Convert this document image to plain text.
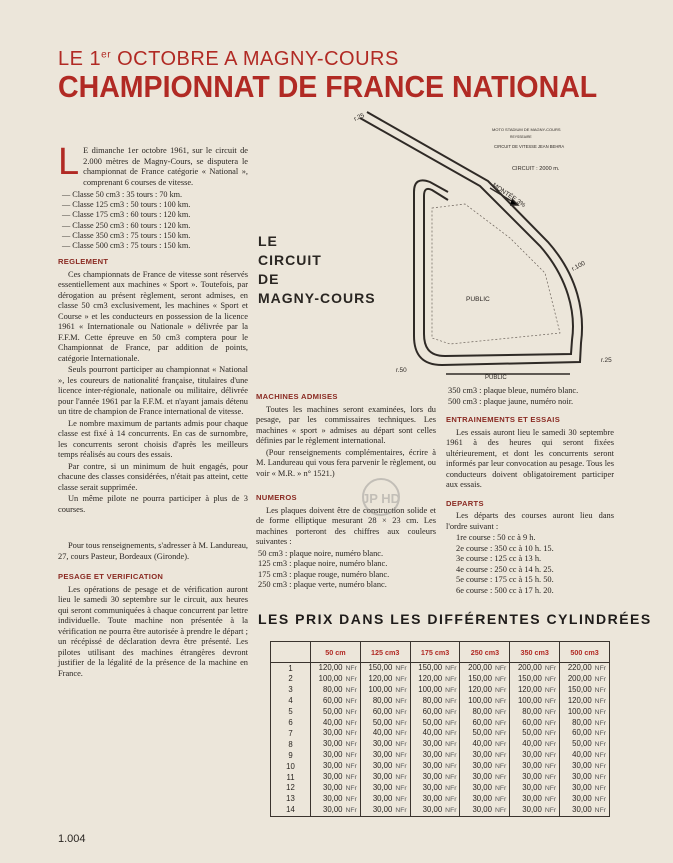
LE 1er OCTOBRE A MAGNY-COURS
CHAMPIONNAT DE FRANCE NATIONAL

L E dimanche 1er octobre 1961, sur le circuit de 2.000 mètres de Magny-Cours, se disputera le championnat de France catégorie « National », comprenant 6 courses de vitesse.

— Classe 50 cm3 : 35 tours : 70 km.
— Classe 125 cm3 : 50 tours : 100 km.
— Classe 175 cm3 : 60 tours : 120 km.
— Classe 250 cm3 : 60 tours : 120 km.
— Classe 350 cm3 : 75 tours : 150 km.
— Classe 500 cm3 : 75 tours : 150 km.
REGLEMENT

Ces championnats de France de vitesse sont réservés essentiellement aux machines « Sport ». Toutefois, par dérogation au présent règlement, seront admises, en classe 50 cm3 exclusivement, les machines « Sport et Course » et les conducteurs en possession de la licence 1961 « Internationale ou Nationale » délivrée par la F.F.M. Cette épreuve en 50 cm3 comptera pour le Championnat de France, par addition de points, catégorie Internationale.

Seuls pourront participer au championnat « National », les coureurs de nationalité française, titulaires d'une licence inter-régionale, nationale ou militaire, délivrée pour l'année 1961 par la F.F.M. et n'ayant jamais détenu un titre de champion de France international de vitesse.

Le nombre maximum de partants admis pour chaque classe est fixé à 14 concurrents. En cas de surnombre, les concurrents seront choisis d'après les meilleurs temps réalisés au cours des essais.

Par contre, si un minimum de huit engagés, pour chacune des classes considérées, n'était pas atteint, cette classe serait supprimée.

Un même pilote ne pourra participer à plus de 3 courses.

Pour tous renseignements, s'adresser à M. Landureau, 27, cours Pasteur, Bordeaux (Gironde).

PESAGE ET VERIFICATION

Les opérations de pesage et de vérification auront lieu le samedi 30 septembre sur le circuit, aux heures qui seront communiquées à chaque concurrent par lettre individuelle. Toute machine non présentée à la vérification ne pourra être autorisée à prendre le départ ; un récépissé de déclaration devra être présenté. Les pilotes utilisant des machines étrangères devront justifier de la légalité de la présence de la machine en France.

LE
CIRCUIT
DE
MAGNY-COURS
MOTO STADIUM DE MAGNY-COURS
REYSSEAIRE
CIRCUIT DE VITESSE JEAN BEHRA
CIRCUIT : 2000 m.
MONTÉE 3%
PUBLIC
PUBLIC
r.25
r.100
r.25
r.50
MACHINES ADMISES

Toutes les machines seront examinées, lors du pesage, par les commissaires techniques. Les machines « sport » admises au départ sont celles définies par le règlement international.

(Pour renseignements complémentaires, écrire à M. Landureau qui vous fera parvenir le règlement, ou voir « M.R. » n° 1521.)

NUMEROS

Les plaques doivent être de construction solide et de forme elliptique mesurant 28 × 23 cm. Les machines porteront des chiffres aux couleurs suivantes :

50 cm3 : plaque noire, numéro blanc.
125 cm3 : plaque noire, numéro blanc.
175 cm3 : plaque rouge, numéro blanc.
250 cm3 : plaque verte, numéro blanc.
350 cm3 : plaque bleue, numéro blanc.
500 cm3 : plaque jaune, numéro noir.
ENTRAINEMENTS ET ESSAIS

Les essais auront lieu le samedi 30 septembre 1961 à des heures qui seront fixées ultérieurement, et dont les concurrents seront informés par leur convocation au pesage. Tous les conducteurs doivent obligatoirement participer aux essais.

DEPARTS

Les départs des courses auront lieu dans l'ordre suivant :

1re course : 50 cc à 9 h.
2e course : 350 cc à 10 h. 15.
3e course : 125 cc à 13 h.
4e course : 250 cc à 14 h. 25.
5e course : 175 cc à 15 h. 50.
6e course : 500 cc à 17 h. 20.
JP HD
LES PRIX DANS LES DIFFÉRENTES CYLINDRÉES
	50 cm	125 cm3	175 cm3	250 cm3	350 cm3	500 cm3
1	120,00 NFr	150,00 NFr	150,00 NFr	200,00 NFr	200,00 NFr	220,00 NFr
2	100,00 NFr	120,00 NFr	120,00 NFr	150,00 NFr	150,00 NFr	200,00 NFr
3	80,00 NFr	100,00 NFr	100,00 NFr	120,00 NFr	120,00 NFr	150,00 NFr
4	60,00 NFr	80,00 NFr	80,00 NFr	100,00 NFr	100,00 NFr	120,00 NFr
5	50,00 NFr	60,00 NFr	60,00 NFr	80,00 NFr	80,00 NFr	100,00 NFr
6	40,00 NFr	50,00 NFr	50,00 NFr	60,00 NFr	60,00 NFr	80,00 NFr
7	30,00 NFr	40,00 NFr	40,00 NFr	50,00 NFr	50,00 NFr	60,00 NFr
8	30,00 NFr	30,00 NFr	30,00 NFr	40,00 NFr	40,00 NFr	50,00 NFr
9	30,00 NFr	30,00 NFr	30,00 NFr	30,00 NFr	30,00 NFr	40,00 NFr
10	30,00 NFr	30,00 NFr	30,00 NFr	30,00 NFr	30,00 NFr	30,00 NFr
11	30,00 NFr	30,00 NFr	30,00 NFr	30,00 NFr	30,00 NFr	30,00 NFr
12	30,00 NFr	30,00 NFr	30,00 NFr	30,00 NFr	30,00 NFr	30,00 NFr
13	30,00 NFr	30,00 NFr	30,00 NFr	30,00 NFr	30,00 NFr	30,00 NFr
14	30,00 NFr	30,00 NFr	30,00 NFr	30,00 NFr	30,00 NFr	30,00 NFr
1.004
